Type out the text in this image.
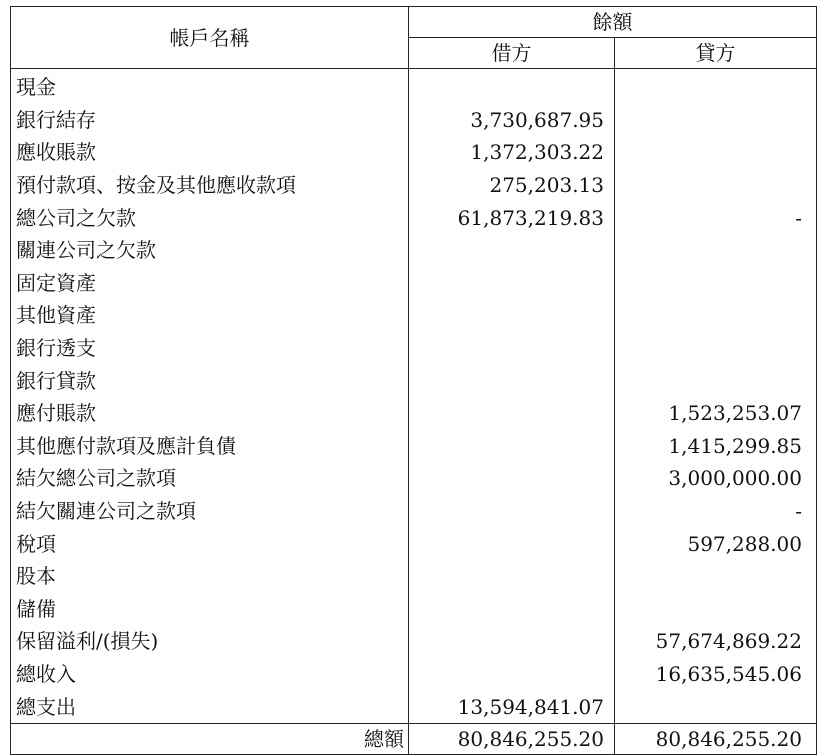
帳戶名稱	餘額	
	借方	貸方
現金		
銀行結存	3,730,687.95	
應收賬款	1,372,303.22	
預付款項、按金及其他應收款項	275,203.13	
總公司之欠款	61,873,219.83	-
關連公司之欠款		
固定資產		
其他資產		
銀行透支		
銀行貸款		
應付賬款		1,523,253.07
其他應付款項及應計負債		1,415,299.85
結欠總公司之款項		3,000,000.00
結欠關連公司之款項		-
稅項		597,288.00
股本		
儲備		
保留溢利/(損失)		57,674,869.22
總收入		16,635,545.06
總支出	13,594,841.07	
總額	80,846,255.20	80,846,255.20
